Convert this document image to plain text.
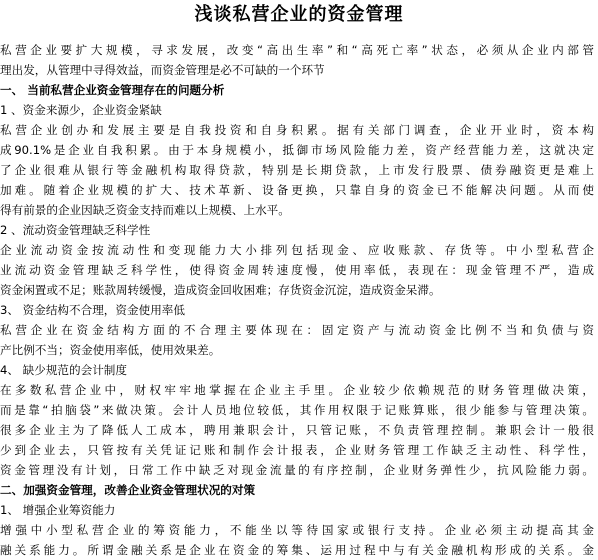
浅谈私营企业的资金管理
私营企业要扩大规模，寻求发展，改变“高出生率”和“高死亡率”状态，必须从企业内部管
理出发，从管理中寻得效益，而资金管理是必不可缺的一个环节
一、 当前私营企业资金管理存在的问题分析
1 、资金来源少，企业资金紧缺
私营企业创办和发展主要是自我投资和自身积累。据有关部门调查，企业开业时，资本构
成90.1%是企业自我积累。由于本身规模小，抵御市场风险能力差，资产经营能力差，这就决定
了企业很难从银行等金融机构取得贷款，特别是长期贷款，上市发行股票、债券融资更是难上
加难。随着企业规模的扩大、技术革新、设备更换，只靠自身的资金已不能解决问题。从而使
得有前景的企业因缺乏资金支持而难以上规模、上水平。
2 、流动资金管理缺乏科学性
企业流动资金按流动性和变现能力大小排列包括现金、应收账款、存货等。中小型私营企
业流动资金管理缺乏科学性，使得资金周转速度慢，使用率低，表现在：现金管理不严，造成
资金闲置或不足；账款周转缓慢，造成资金回收困难；存货资金沉淀，造成资金呆滞。
3、 资金结构不合理，资金使用率低
私营企业在资金结构方面的不合理主要体现在：固定资产与流动资金比例不当和负债与资
产比例不当；资金使用率低，使用效果差。
4、 缺少规范的会计制度
在多数私营企业中，财权牢牢地掌握在企业主手里。企业较少依赖规范的财务管理做决策，
而是靠“拍脑袋”来做决策。会计人员地位较低，其作用权限于记账算账，很少能参与管理决策。
很多企业主为了降低人工成本，聘用兼职会计，只管记账，不负责管理控制。兼职会计一般很
少到企业去，只管按有关凭证记账和制作会计报表，企业财务管理工作缺乏主动性、科学性，
资金管理没有计划，日常工作中缺乏对现金流量的有序控制，企业财务弹性少，抗风险能力弱。
二、加强资金管理，改善企业资金管理状况的对策
1、 增强企业筹资能力
增强中小型私营企业的筹资能力，不能坐以等待国家或银行支持。企业必须主动提高其金
融关系能力。所谓金融关系是企业在资金的筹集、运用过程中与有关金融机构形成的关系。金
